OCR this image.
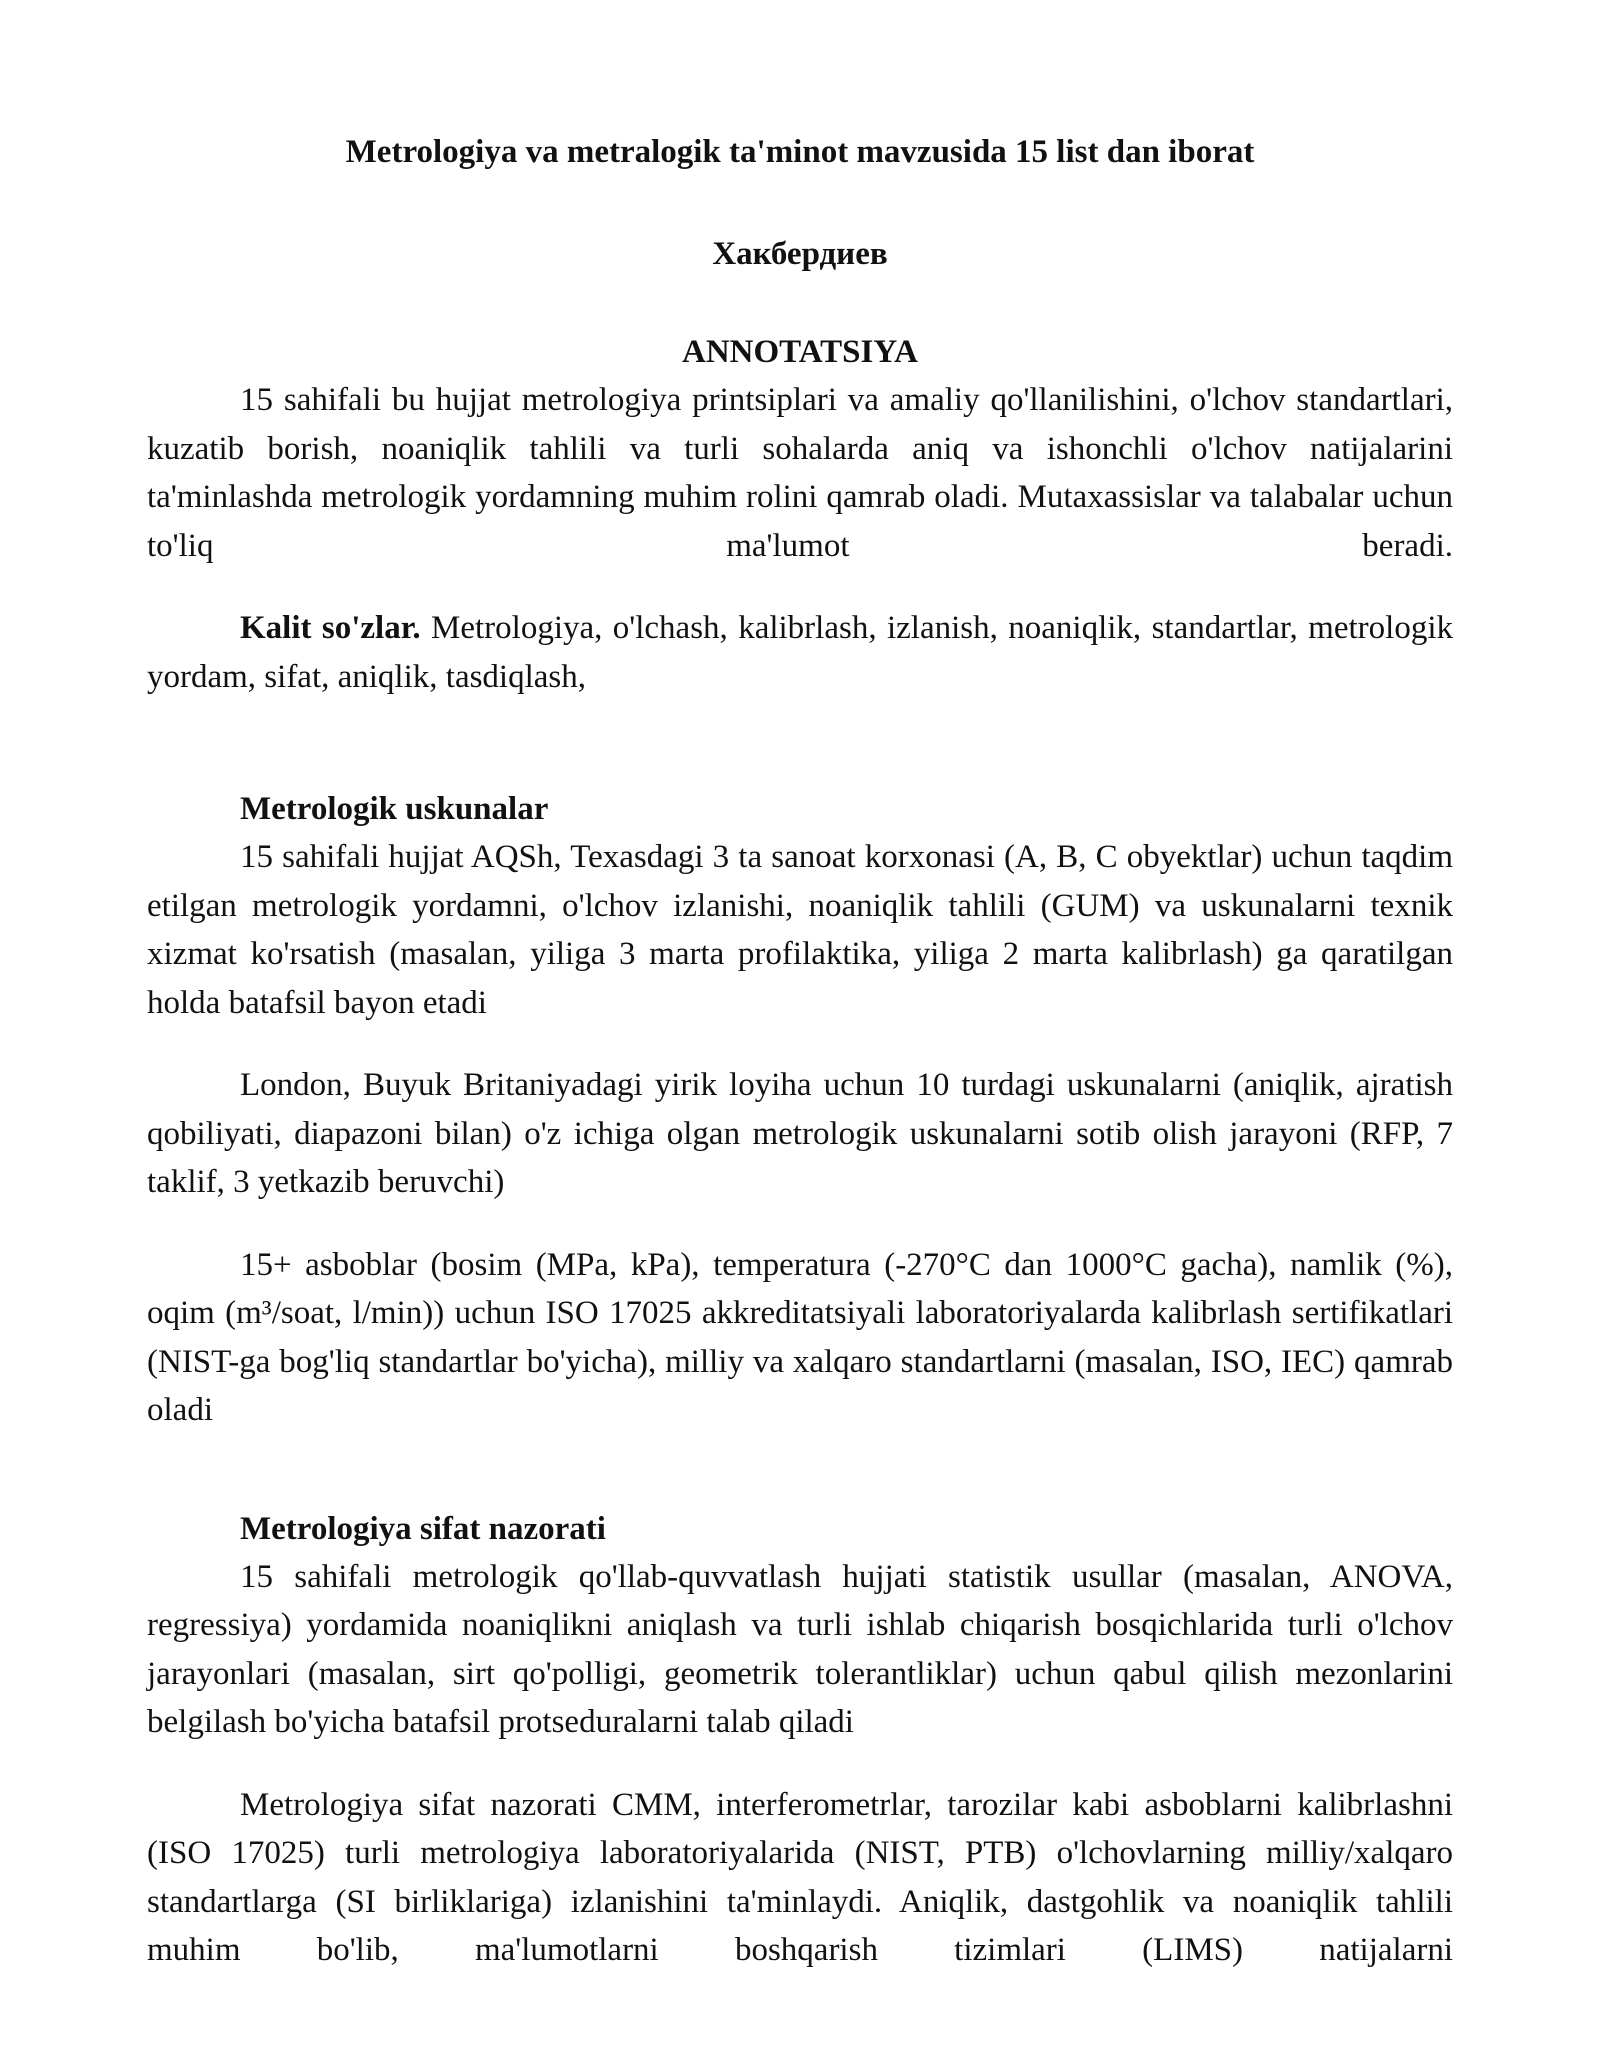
Metrologiya va metralogik ta'minot mavzusida 15 list dan iborat
Хакбердиев
ANNOTATSIYA

15 sahifali bu hujjat metrologiya printsiplari va amaliy qo'llanilishini, o'lchov standartlari, kuzatib borish, noaniqlik tahlili va turli sohalarda aniq va ishonchli o'lchov natijalarini ta'minlashda metrologik yordamning muhim rolini qamrab oladi. Mutaxassislar va talabalar uchun to'liq ma'lumot beradi.

Kalit so'zlar. Metrologiya, o'lchash, kalibrlash, izlanish, noaniqlik, standartlar, metrologik yordam, sifat, aniqlik, tasdiqlash,

Metrologik uskunalar

15 sahifali hujjat AQSh, Texasdagi 3 ta sanoat korxonasi (A, B, C obyektlar) uchun taqdim etilgan metrologik yordamni, o'lchov izlanishi, noaniqlik tahlili (GUM) va uskunalarni texnik xizmat ko'rsatish (masalan, yiliga 3 marta profilaktika, yiliga 2 marta kalibrlash) ga qaratilgan holda batafsil bayon etadi

London, Buyuk Britaniyadagi yirik loyiha uchun 10 turdagi uskunalarni (aniqlik, ajratish qobiliyati, diapazoni bilan) o'z ichiga olgan metrologik uskunalarni sotib olish jarayoni (RFP, 7 taklif, 3 yetkazib beruvchi)

15+ asboblar (bosim (MPa, kPa), temperatura (-270°C dan 1000°C gacha), namlik (%), oqim (m³/soat, l/min)) uchun ISO 17025 akkreditatsiyali laboratoriyalarda kalibrlash sertifikatlari (NIST-ga bog'liq standartlar bo'yicha), milliy va xalqaro standartlarni (masalan, ISO, IEC) qamrab oladi

Metrologiya sifat nazorati

15 sahifali metrologik qo'llab-quvvatlash hujjati statistik usullar (masalan, ANOVA, regressiya) yordamida noaniqlikni aniqlash va turli ishlab chiqarish bosqichlarida turli o'lchov jarayonlari (masalan, sirt qo'polligi, geometrik tolerantliklar) uchun qabul qilish mezonlarini belgilash bo'yicha batafsil protseduralarni talab qiladi

Metrologiya sifat nazorati CMM, interferometrlar, tarozilar kabi asboblarni kalibrlashni (ISO 17025) turli metrologiya laboratoriyalarida (NIST, PTB) o'lchovlarning milliy/xalqaro standartlarga (SI birliklariga) izlanishini ta'minlaydi. Aniqlik, dastgohlik va noaniqlik tahlili muhim bo'lib, ma'lumotlarni boshqarish tizimlari (LIMS) natijalarni
